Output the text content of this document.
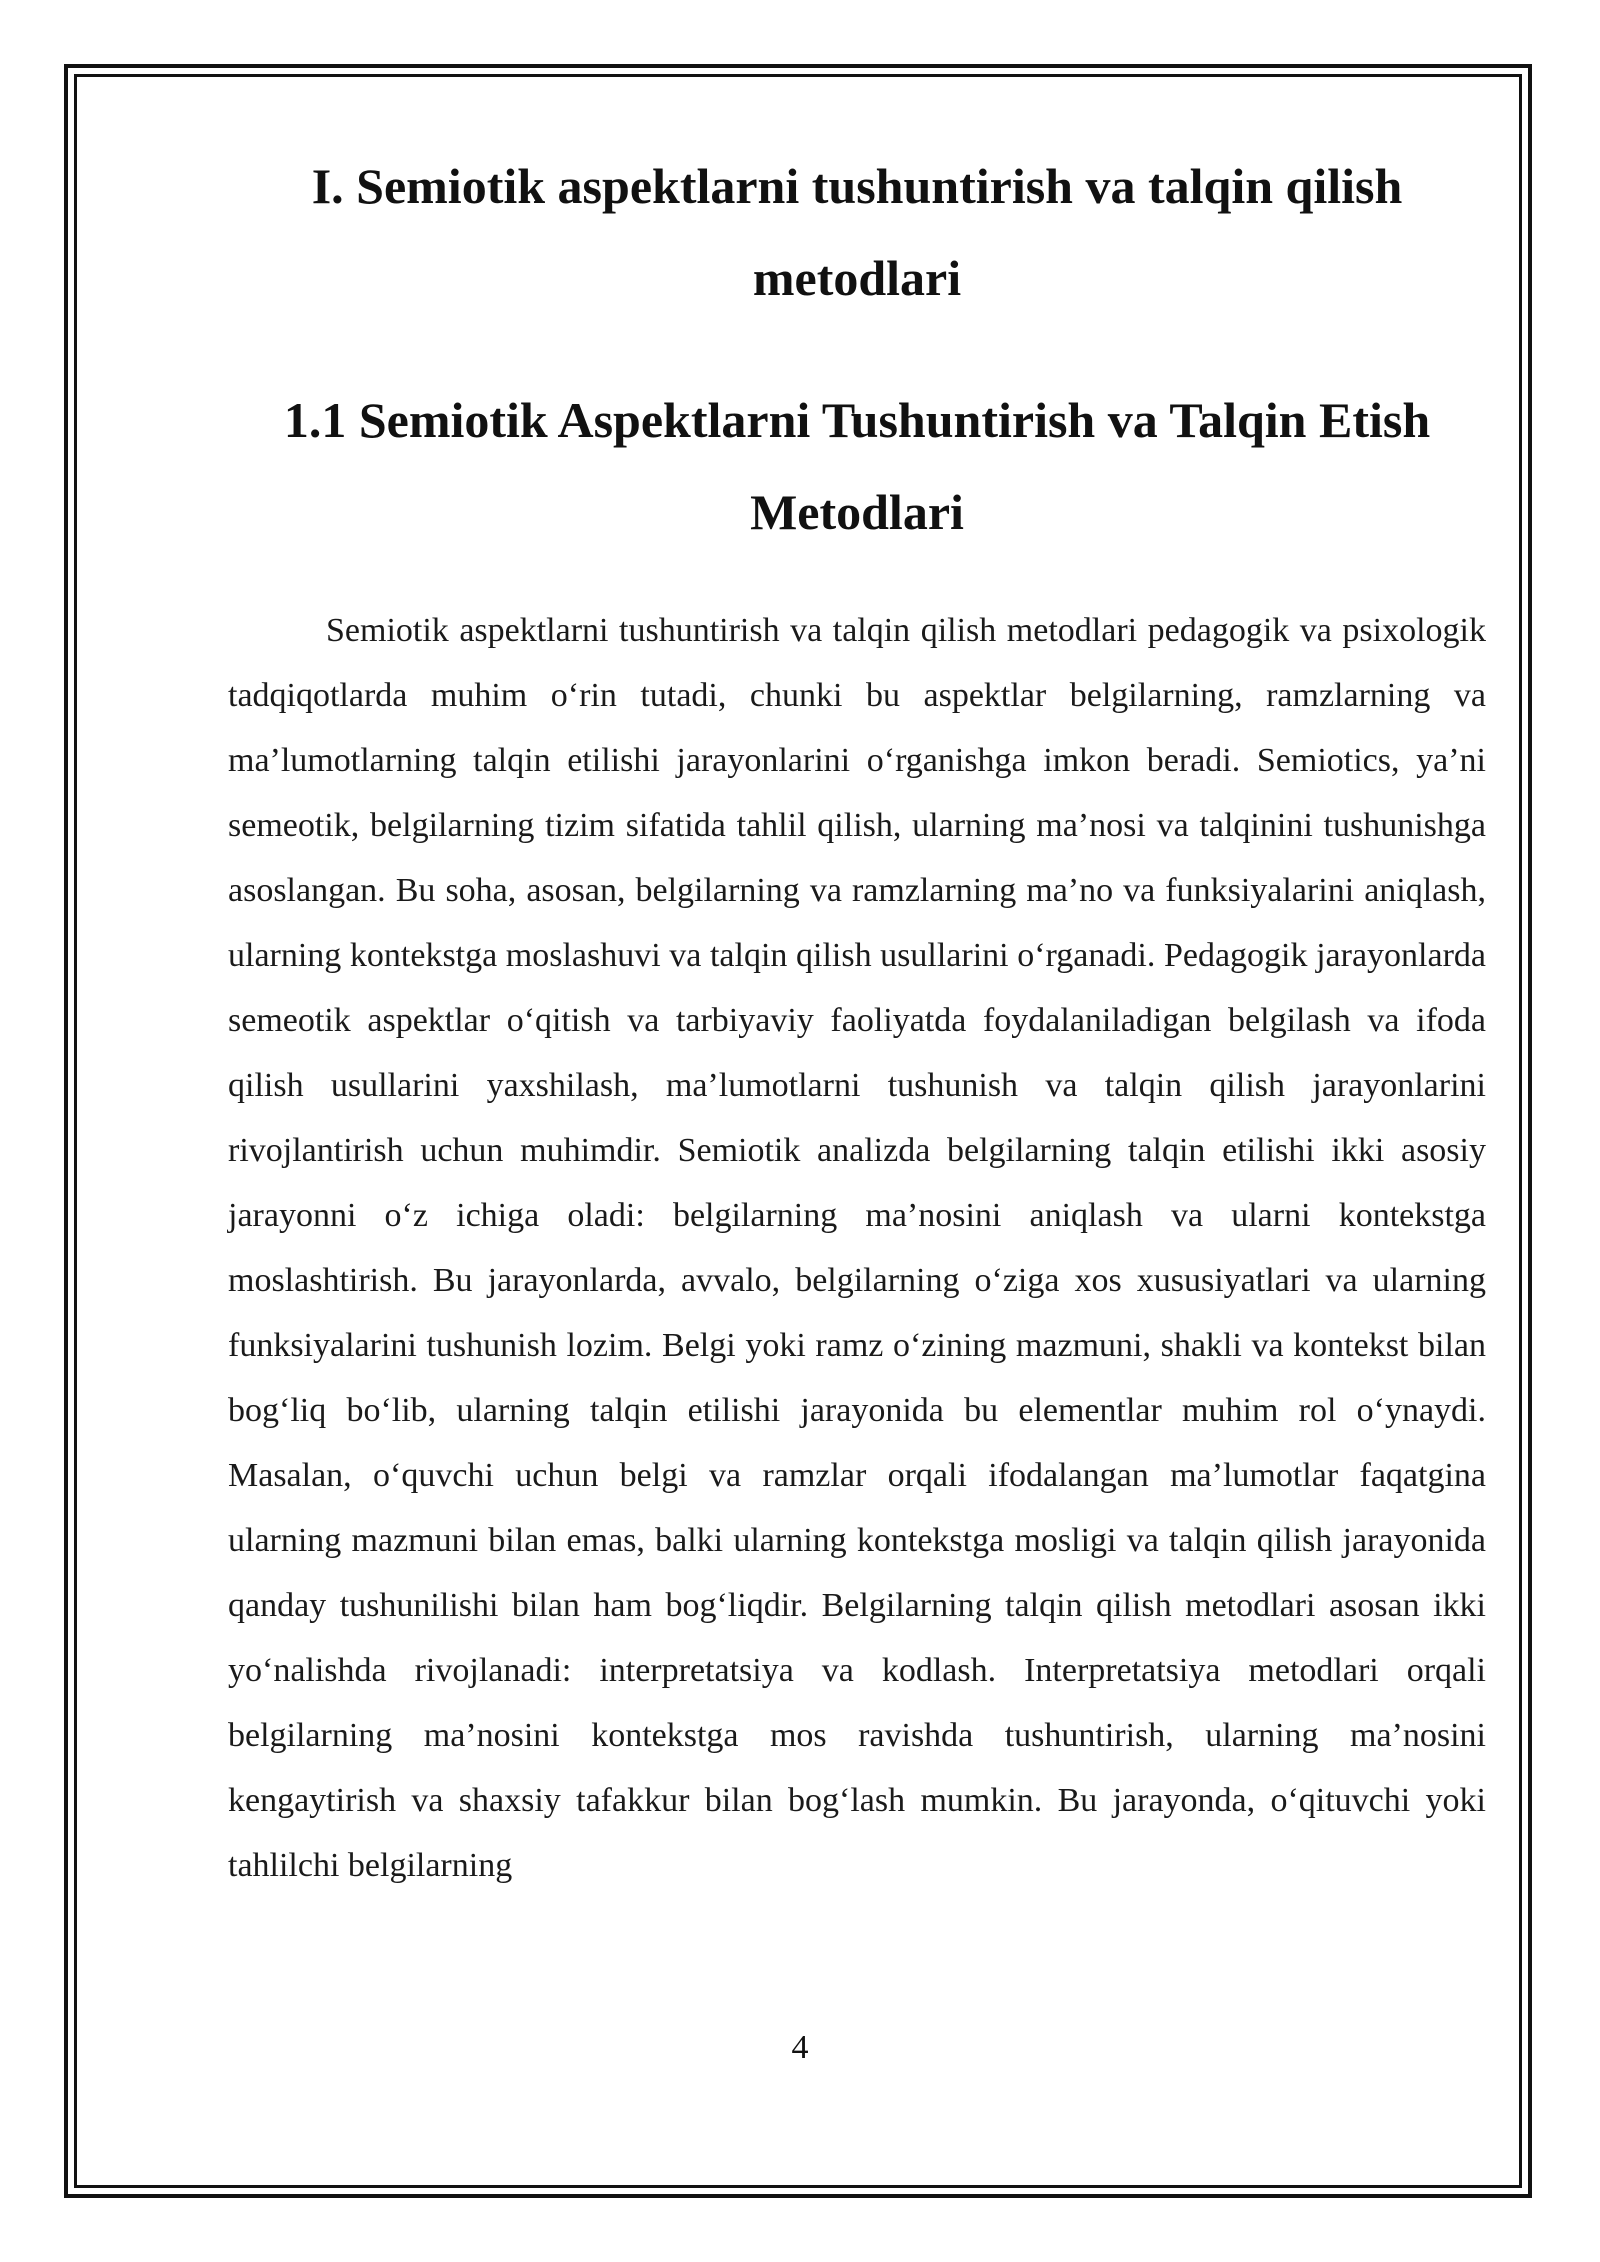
I. Semiotik aspektlarni tushuntirish va talqin qilish metodlari
1.1 Semiotik Aspektlarni Tushuntirish va Talqin Etish Metodlari

Semiotik aspektlarni tushuntirish va talqin qilish metodlari pedagogik va psixologik tadqiqotlarda muhim o‘rin tutadi, chunki bu aspektlar belgilarning, ramzlarning va ma’lumotlarning talqin etilishi jarayonlarini o‘rganishga imkon beradi. Semiotics, ya’ni semeotik, belgilarning tizim sifatida tahlil qilish, ularning ma’nosi va talqinini tushunishga asoslangan. Bu soha, asosan, belgilarning va ramzlarning ma’no va funksiyalarini aniqlash, ularning kontekstga moslashuvi va talqin qilish usullarini o‘rganadi. Pedagogik jarayonlarda semeotik aspektlar o‘qitish va tarbiyaviy faoliyatda foydalaniladigan belgilash va ifoda qilish usullarini yaxshilash, ma’lumotlarni tushunish va talqin qilish jarayonlarini rivojlantirish uchun muhimdir. Semiotik analizda belgilarning talqin etilishi ikki asosiy jarayonni o‘z ichiga oladi: belgilarning ma’nosini aniqlash va ularni kontekstga moslashtirish. Bu jarayonlarda, avvalo, belgilarning o‘ziga xos xususiyatlari va ularning funksiyalarini tushunish lozim. Belgi yoki ramz o‘zining mazmuni, shakli va kontekst bilan bog‘liq bo‘lib, ularning talqin etilishi jarayonida bu elementlar muhim rol o‘ynaydi. Masalan, o‘quvchi uchun belgi va ramzlar orqali ifodalangan ma’lumotlar faqatgina ularning mazmuni bilan emas, balki ularning kontekstga mosligi va talqin qilish jarayonida qanday tushunilishi bilan ham bog‘liqdir. Belgilarning talqin qilish metodlari asosan ikki yo‘nalishda rivojlanadi: interpretatsiya va kodlash. Interpretatsiya metodlari orqali belgilarning ma’nosini kontekstga mos ravishda tushuntirish, ularning ma’nosini kengaytirish va shaxsiy tafakkur bilan bog‘lash mumkin. Bu jarayonda, o‘qituvchi yoki tahlilchi belgilarning

4
